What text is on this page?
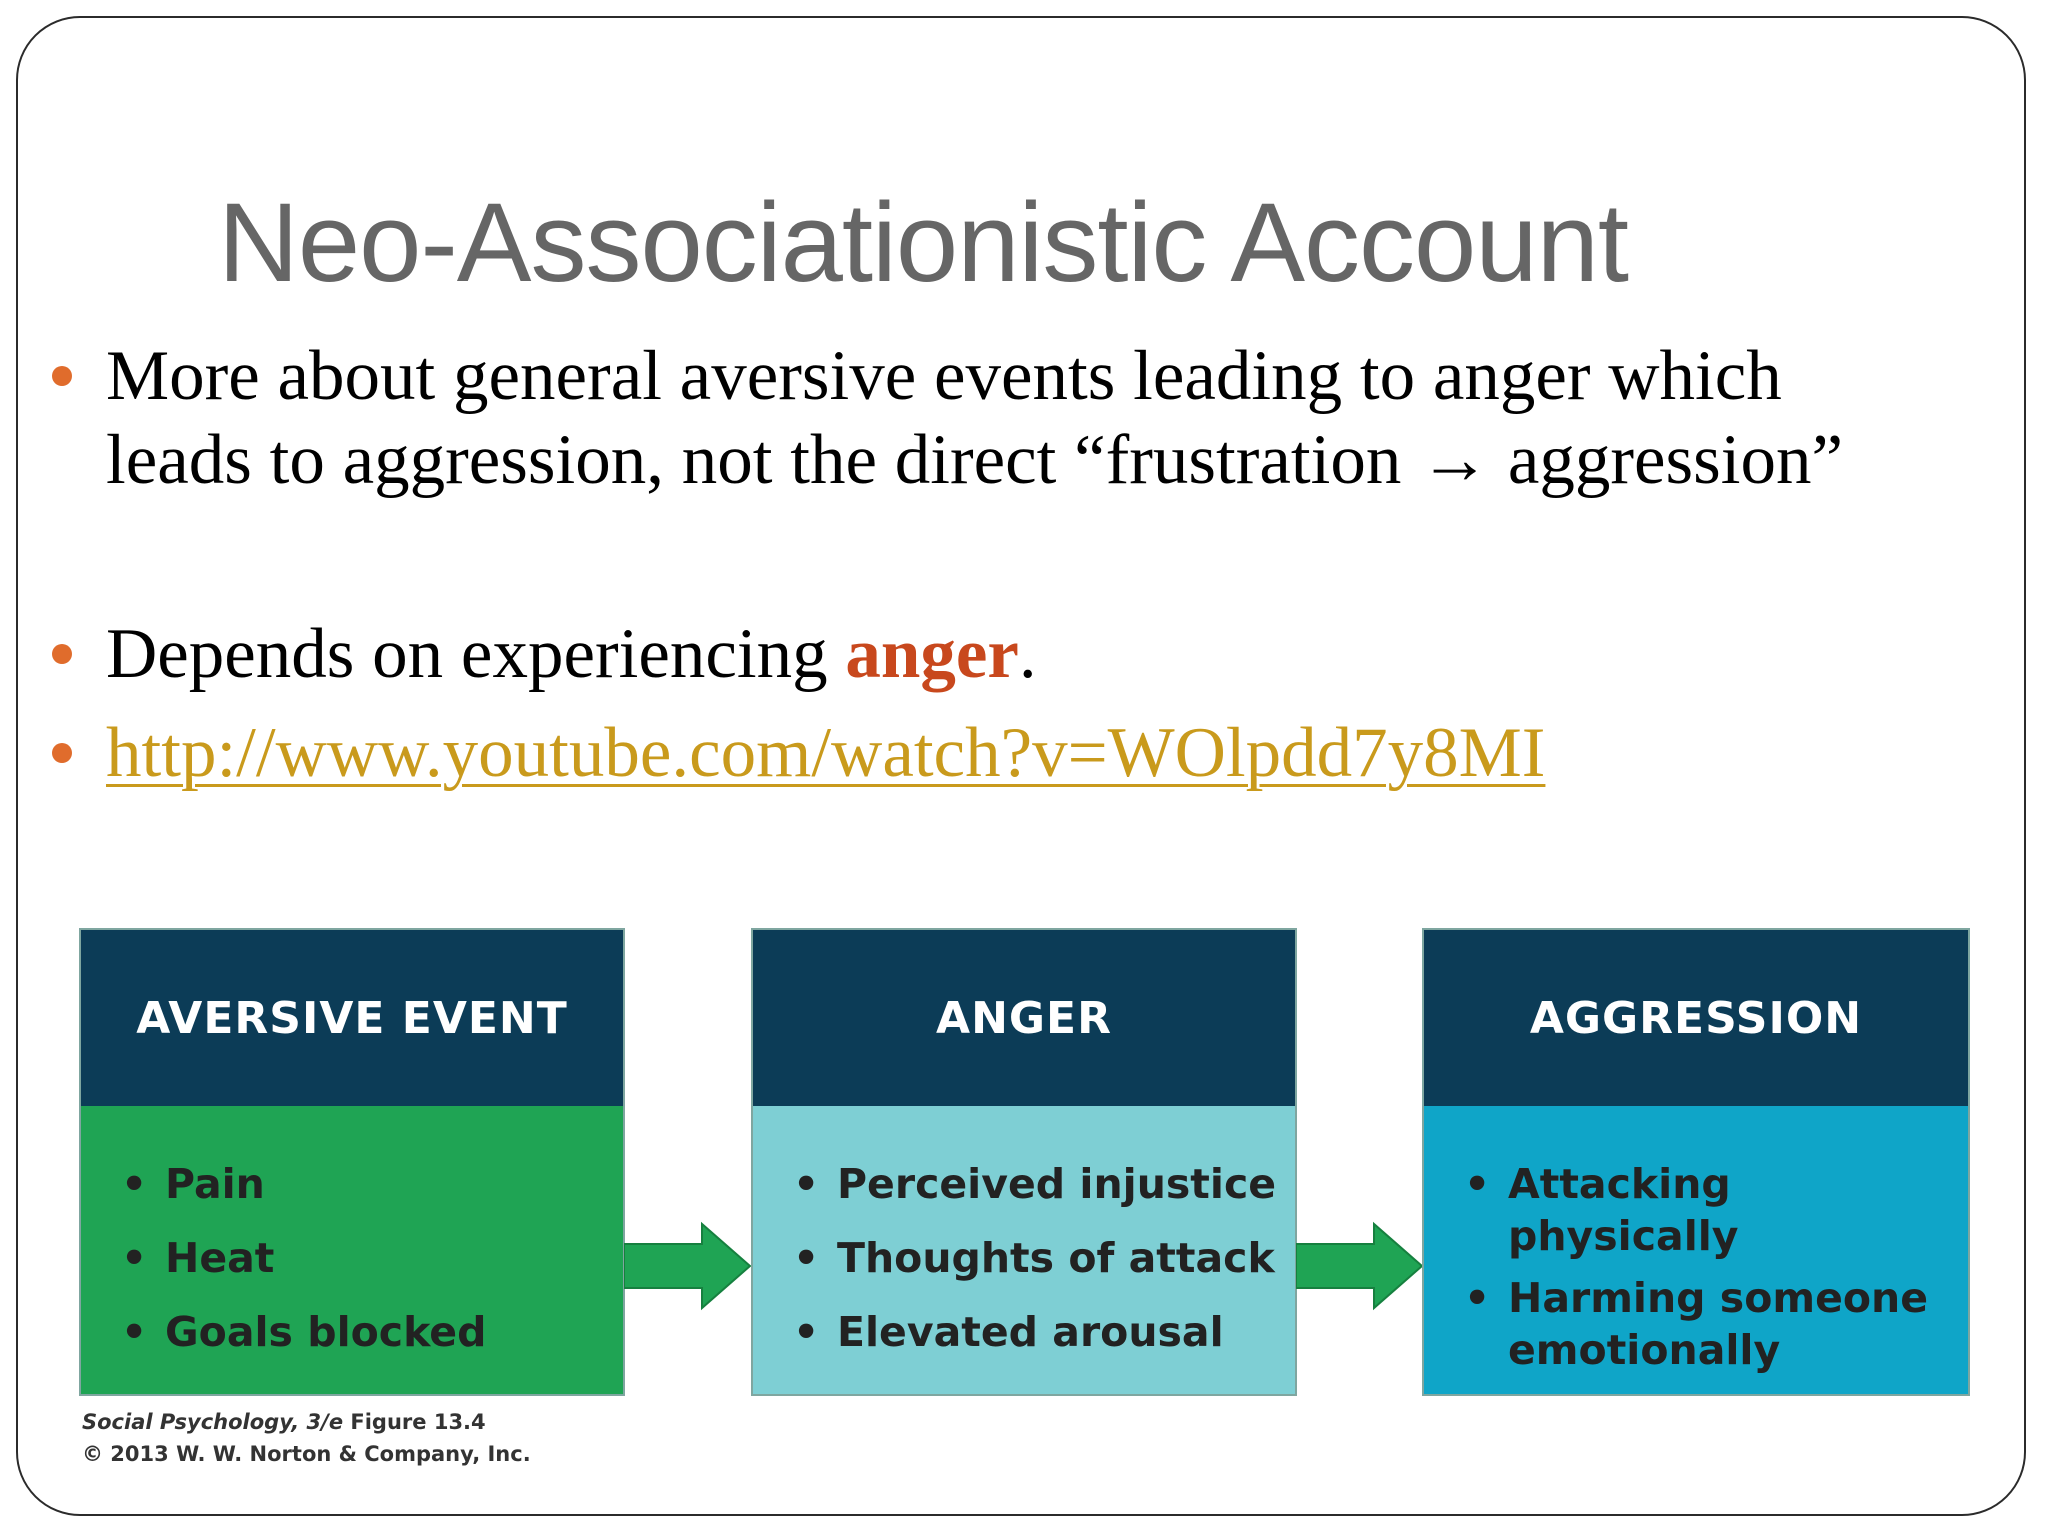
Neo-Associationistic Account
More about general aversive events leading to anger which
leads to aggression, not the direct “frustration → aggression”
Depends on experiencing anger.
http://www.youtube.com/watch?v=WOlpdd7y8MI
AVERSIVE EVENT
• Pain
• Heat
• Goals blocked
ANGER
• Perceived injustice
• Thoughts of attack
• Elevated arousal
AGGRESSION
• Attacking physically
• Harming someone emotionally
Social Psychology, 3/e Figure 13.4
© 2013 W. W. Norton & Company, Inc.
